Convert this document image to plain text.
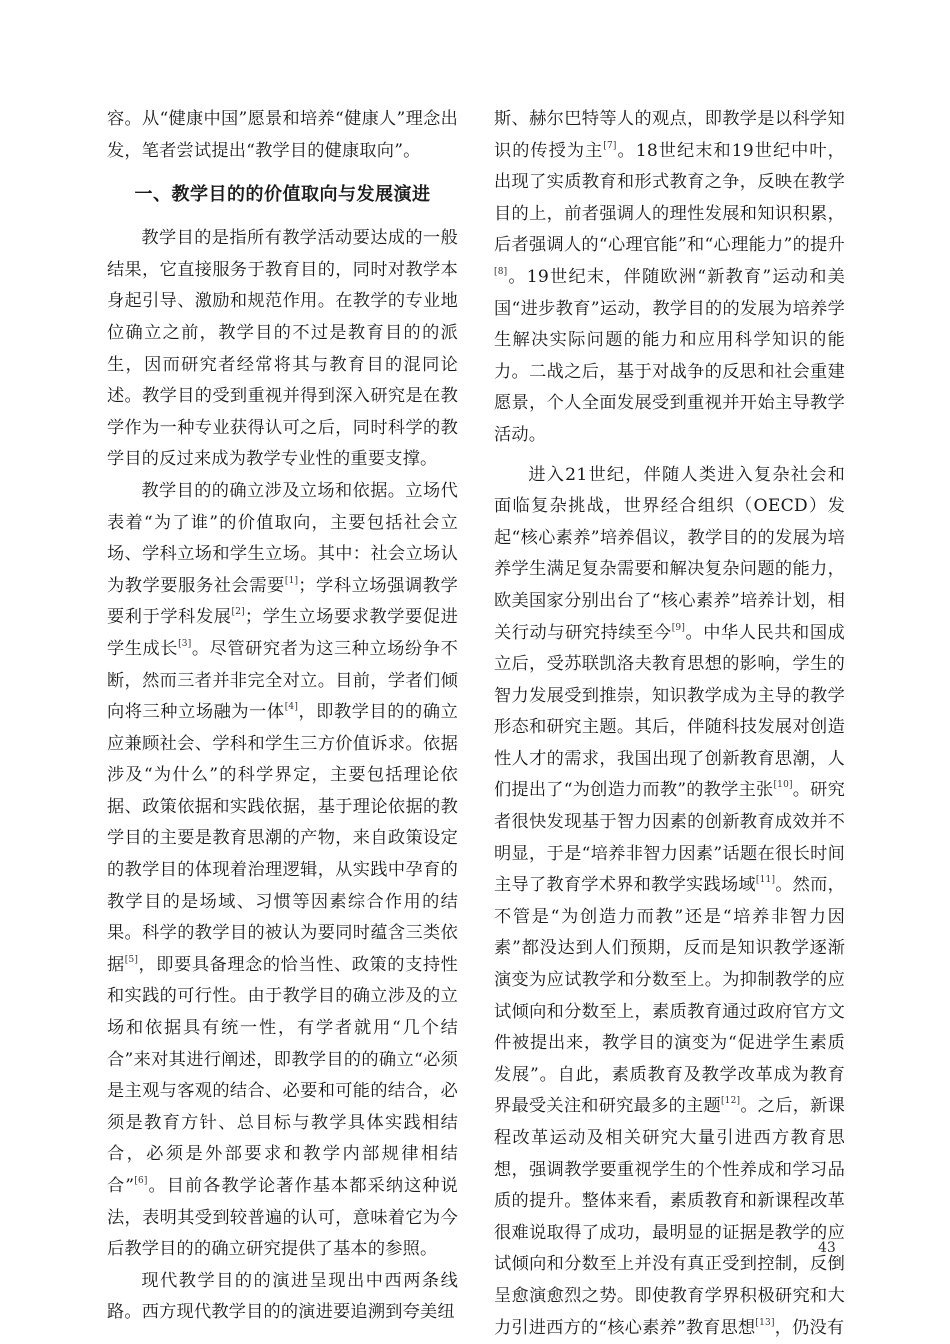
容。从“健康中国”愿景和培养“健康人”理念出发，笔者尝试提出“教学目的健康取向”。

一、教学目的的价值取向与发展演进

教学目的是指所有教学活动要达成的一般结果，它直接服务于教育目的，同时对教学本身起引导、激励和规范作用。在教学的专业地位确立之前，教学目的不过是教育目的的派生，因而研究者经常将其与教育目的混同论述。教学目的受到重视并得到深入研究是在教学作为一种专业获得认可之后，同时科学的教学目的反过来成为教学专业性的重要支撑。

教学目的的确立涉及立场和依据。立场代表着“为了谁”的价值取向，主要包括社会立场、学科立场和学生立场。其中：社会立场认为教学要服务社会需要[1]；学科立场强调教学要利于学科发展[2]；学生立场要求教学要促进学生成长[3]。尽管研究者为这三种立场纷争不断，然而三者并非完全对立。目前，学者们倾向将三种立场融为一体[4]，即教学目的的确立应兼顾社会、学科和学生三方价值诉求。依据涉及“为什么”的科学界定，主要包括理论依据、政策依据和实践依据，基于理论依据的教学目的主要是教育思潮的产物，来自政策设定的教学目的体现着治理逻辑，从实践中孕育的教学目的是场域、习惯等因素综合作用的结果。科学的教学目的被认为要同时蕴含三类依据[5]，即要具备理念的恰当性、政策的支持性和实践的可行性。由于教学目的确立涉及的立场和依据具有统一性，有学者就用“几个结合”来对其进行阐述，即教学目的的确立“必须是主观与客观的结合、必要和可能的结合，必须是教育方针、总目标与教学具体实践相结合，必须是外部要求和教学内部规律相结合”[6]。目前各教学论著作基本都采纳这种说法，表明其受到较普遍的认可，意味着它为今后教学目的的确立研究提供了基本的参照。

现代教学目的的演进呈现出中西两条线路。西方现代教学目的的演进要追溯到夸美纽

斯、赫尔巴特等人的观点，即教学是以科学知识的传授为主[7]。18世纪末和19世纪中叶，出现了实质教育和形式教育之争，反映在教学目的上，前者强调人的理性发展和知识积累，后者强调人的“心理官能”和“心理能力”的提升[8]。19世纪末，伴随欧洲“新教育”运动和美国“进步教育”运动，教学目的的发展为培养学生解决实际问题的能力和应用科学知识的能力。二战之后，基于对战争的反思和社会重建愿景，个人全面发展受到重视并开始主导教学活动。

进入21世纪，伴随人类进入复杂社会和面临复杂挑战，世界经合组织（OECD）发起“核心素养”培养倡议，教学目的的发展为培养学生满足复杂需要和解决复杂问题的能力，欧美国家分别出台了“核心素养”培养计划，相关行动与研究持续至今[9]。中华人民共和国成立后，受苏联凯洛夫教育思想的影响，学生的智力发展受到推崇，知识教学成为主导的教学形态和研究主题。其后，伴随科技发展对创造性人才的需求，我国出现了创新教育思潮，人们提出了“为创造力而教”的教学主张[10]。研究者很快发现基于智力因素的创新教育成效并不明显，于是“培养非智力因素”话题在很长时间主导了教育学术界和教学实践场域[11]。然而，不管是“为创造力而教”还是“培养非智力因素”都没达到人们预期，反而是知识教学逐渐演变为应试教学和分数至上。为抑制教学的应试倾向和分数至上，素质教育通过政府官方文件被提出来，教学目的演变为“促进学生素质发展”。自此，素质教育及教学改革成为教育界最受关注和研究最多的主题[12]。之后，新课程改革运动及相关研究大量引进西方教育思想，强调教学要重视学生的个性养成和学习品质的提升。整体来看，素质教育和新课程改革很难说取得了成功，最明显的证据是教学的应试倾向和分数至上并没有真正受到控制，反倒呈愈演愈烈之势。即使教育学界积极研究和大力引进西方的“核心素养”教育思想[13]，仍没有

43
